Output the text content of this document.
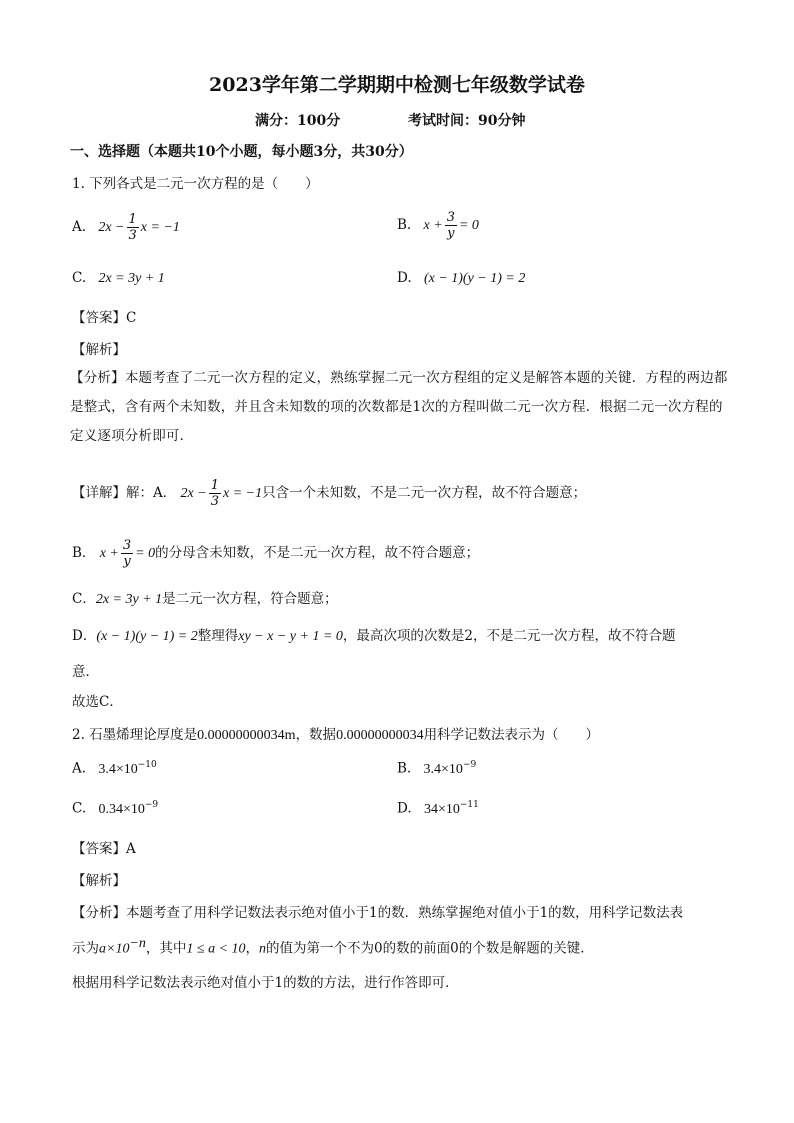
2023学年第二学期期中检测七年级数学试卷
满分：100分	考试时间：90分钟
一、选择题（本题共10个小题，每小题3分，共30分）
1. 下列各式是二元一次方程的是（　　）
A. $2x - \frac{1}{3}$ x = −1	B. $x + \frac{3}{y} = 0$
C. 2x = 3y + 1	D. (x − 1)(y − 1) = 2
【答案】C
【解析】
【分析】本题考查了二元一次方程的定义，熟练掌握二元一次方程组的定义是解答本题的关键．方程的两边都是整式，含有两个未知数，并且含未知数的项的次数都是1次的方程叫做二元一次方程．根据二元一次方程的定义逐项分析即可．
【详解】解：A． $2x - \frac{1}{3}$ x = −1只含一个未知数，不是二元一次方程，故不符合题意；
B． $x + \frac{3}{y} = 0$的分母含未知数，不是二元一次方程，故不符合题意；
C．2x = 3y + 1是二元一次方程，符合题意；
D．(x − 1)(y − 1) = 2整理得xy − x − y + 1 = 0，最高次项的次数是2，不是二元一次方程，故不符合题
意．
故选C．
2. 石墨烯理论厚度是0.00000000034m，数据0.00000000034用科学记数法表示为（　　）
A. $3.4\times 10^{-10}$	B. $3.4\times 10^{-9}$
C. $0.34\times 10^{-9}$	D. $34\times 10^{-11}$
【答案】A
【解析】
【分析】本题考查了用科学记数法表示绝对值小于1的数．熟练掌握绝对值小于1的数，用科学记数法表
示为$a\times 10^{-n}$，其中1 ≤ a < 10，n的值为第一个不为0的数的前面0的个数是解题的关键．
根据用科学记数法表示绝对值小于1的数的方法，进行作答即可．
